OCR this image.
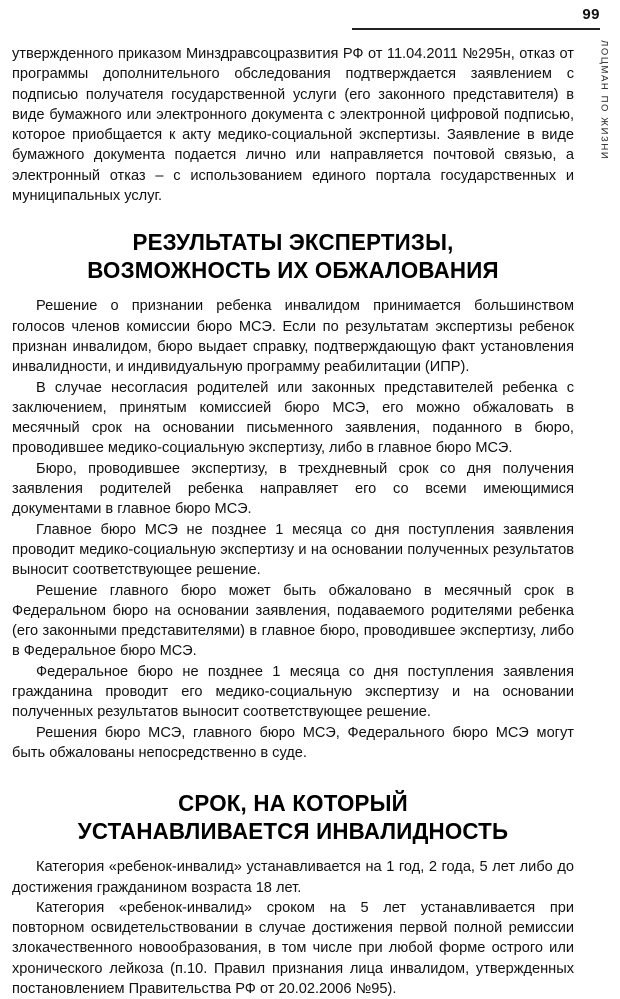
99
ЛОЦМАН ПО ЖИЗНИ

утвержденного приказом Минздравсоцразвития РФ от 11.04.2011 №295н, отказ от программы дополнительного обследования подтверждается заявлением с подписью получателя государственной услуги (его законного представителя) в виде бумажного или электронного документа с электронной цифровой подписью, которое приобщается к акту медико-социальной экспертизы. Заявление в виде бумажного документа подается лично или направляется почтовой связью, а электронный отказ – с использованием единого портала государственных и муниципальных услуг.

РЕЗУЛЬТАТЫ ЭКСПЕРТИЗЫ,
ВОЗМОЖНОСТЬ ИХ ОБЖАЛОВАНИЯ

Решение о признании ребенка инвалидом принимается большинством голосов членов комиссии бюро МСЭ. Если по результатам экспертизы ребенок признан инвалидом, бюро выдает справку, подтверждающую факт установления инвалидности, и индивидуальную программу реабилитации (ИПР).

В случае несогласия родителей или законных представителей ребенка с заключением, принятым комиссией бюро МСЭ, его можно обжаловать в месячный срок на основании письменного заявления, поданного в бюро, проводившее медико-социальную экспертизу, либо в главное бюро МСЭ.

Бюро, проводившее экспертизу, в трехдневный срок со дня получения заявления родителей ребенка направляет его со всеми имеющимися документами в главное бюро МСЭ.

Главное бюро МСЭ не позднее 1 месяца со дня поступления заявления проводит медико-социальную экспертизу и на основании полученных результатов выносит соответствующее решение.

Решение главного бюро может быть обжаловано в месячный срок в Федеральном бюро на основании заявления, подаваемого родителями ребенка (его законными представителями) в главное бюро, проводившее экспертизу, либо в Федеральное бюро МСЭ.

Федеральное бюро не позднее 1 месяца со дня поступления заявления гражданина проводит его медико-социальную экспертизу и на основании полученных результатов выносит соответствующее решение.

Решения бюро МСЭ, главного бюро МСЭ, Федерального бюро МСЭ могут быть обжалованы непосредственно в суде.

СРОК, НА КОТОРЫЙ
УСТАНАВЛИВАЕТСЯ ИНВАЛИДНОСТЬ

Категория «ребенок-инвалид» устанавливается на 1 год, 2 года, 5 лет либо до достижения гражданином возраста 18 лет.

Категория «ребенок-инвалид» сроком на 5 лет устанавливается при повторном освидетельствовании в случае достижения первой полной ремиссии злокачественного новообразования, в том числе при любой форме острого или хронического лейкоза (п.10. Правил признания лица инвалидом, утвержденных постановлением Правительства РФ от 20.02.2006 №95).
